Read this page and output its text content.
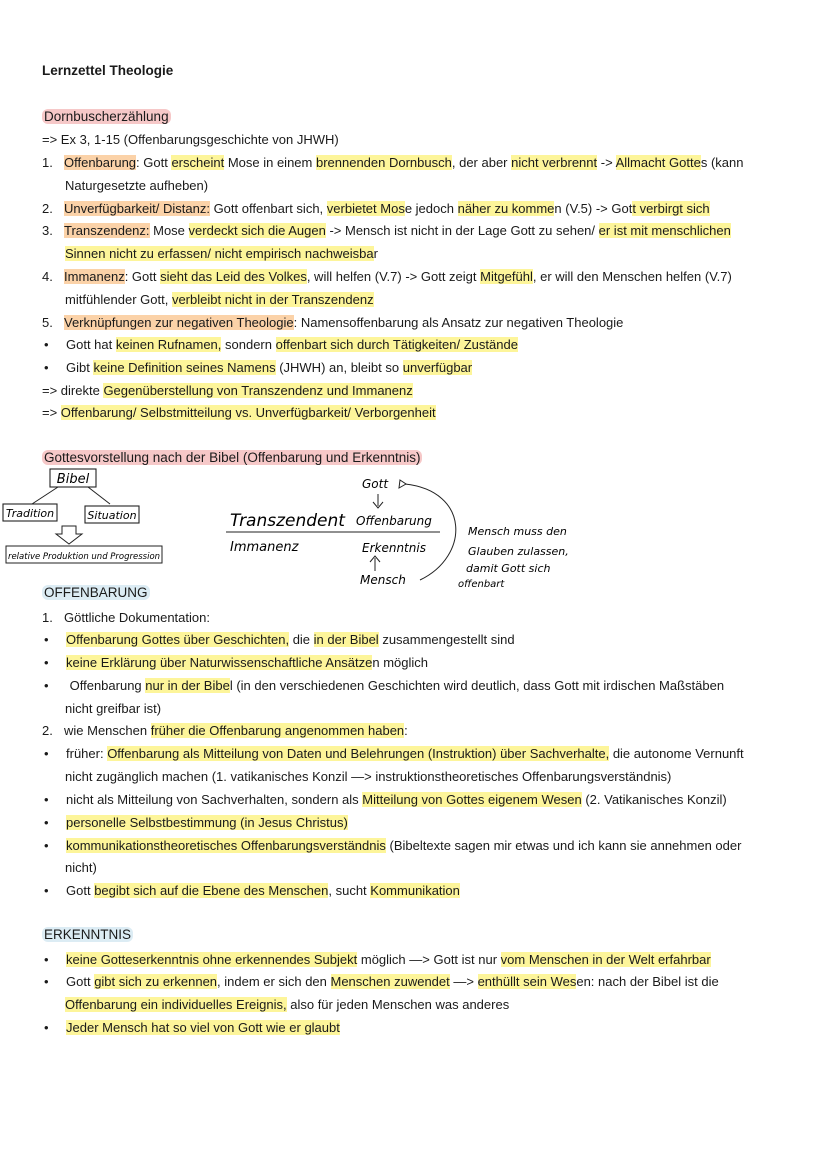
Lernzettel Theologie
Dornbuscherzählung
=> Ex 3, 1-15 (Offenbarungsgeschichte von JHWH)
1. Offenbarung: Gott erscheint Mose in einem brennenden Dornbusch, der aber nicht verbrennt -> Allmacht Gottes (kann
Naturgesetzte aufheben)
2. Unverfügbarkeit/ Distanz: Gott offenbart sich, verbietet Mose jedoch näher zu kommen (V.5) -> Gott verbirgt sich
3. Transzendenz: Mose verdeckt sich die Augen -> Mensch ist nicht in der Lage Gott zu sehen/ er ist mit menschlichen
Sinnen nicht zu erfassen/ nicht empirisch nachweisbar
4. Immanenz: Gott sieht das Leid des Volkes, will helfen (V.7) -> Gott zeigt Mitgefühl, er will den Menschen helfen (V.7)
mitfühlender Gott, verbleibt nicht in der Transzendenz
5. Verknüpfungen zur negativen Theologie: Namensoffenbarung als Ansatz zur negativen Theologie
• Gott hat keinen Rufnamen, sondern offenbart sich durch Tätigkeiten/ Zustände
• Gibt keine Definition seines Namens (JHWH) an, bleibt so unverfügbar
=> direkte Gegenüberstellung von Transzendenz und Immanenz
=> Offenbarung/ Selbstmitteilung vs. Unverfügbarkeit/ Verborgenheit
Gottesvorstellung nach der Bibel (Offenbarung und Erkenntnis)
Bibel
Tradition	Situation
relative Produktion und Progression
Transzendent
Immanenz
Gott
Offenbarung
Erkenntnis
Mensch
Mensch muss den
Glauben zulassen,
damit Gott sich
offenbart
OFFENBARUNG
1. Göttliche Dokumentation:
• Offenbarung Gottes über Geschichten, die in der Bibel zusammengestellt sind
• keine Erklärung über Naturwissenschaftliche Ansätzen möglich
• Offenbarung nur in der Bibel (in den verschiedenen Geschichten wird deutlich, dass Gott mit irdischen Maßstäben
nicht greifbar ist)
2. wie Menschen früher die Offenbarung angenommen haben:
• früher: Offenbarung als Mitteilung von Daten und Belehrungen (Instruktion) über Sachverhalte, die autonome Vernunft
nicht zugänglich machen (1. vatikanisches Konzil —> instruktionstheoretisches Offenbarungsverständnis)
• nicht als Mitteilung von Sachverhalten, sondern als Mitteilung von Gottes eigenem Wesen (2. Vatikanisches Konzil)
• personelle Selbstbestimmung (in Jesus Christus)
• kommunikationstheoretisches Offenbarungsverständnis (Bibeltexte sagen mir etwas und ich kann sie annehmen oder
nicht)
• Gott begibt sich auf die Ebene des Menschen, sucht Kommunikation
ERKENNTNIS
• keine Gotteserkenntnis ohne erkennendes Subjekt möglich —> Gott ist nur vom Menschen in der Welt erfahrbar
• Gott gibt sich zu erkennen, indem er sich den Menschen zuwendet —> enthüllt sein Wesen: nach der Bibel ist die
Offenbarung ein individuelles Ereignis, also für jeden Menschen was anderes
• Jeder Mensch hat so viel von Gott wie er glaubt
